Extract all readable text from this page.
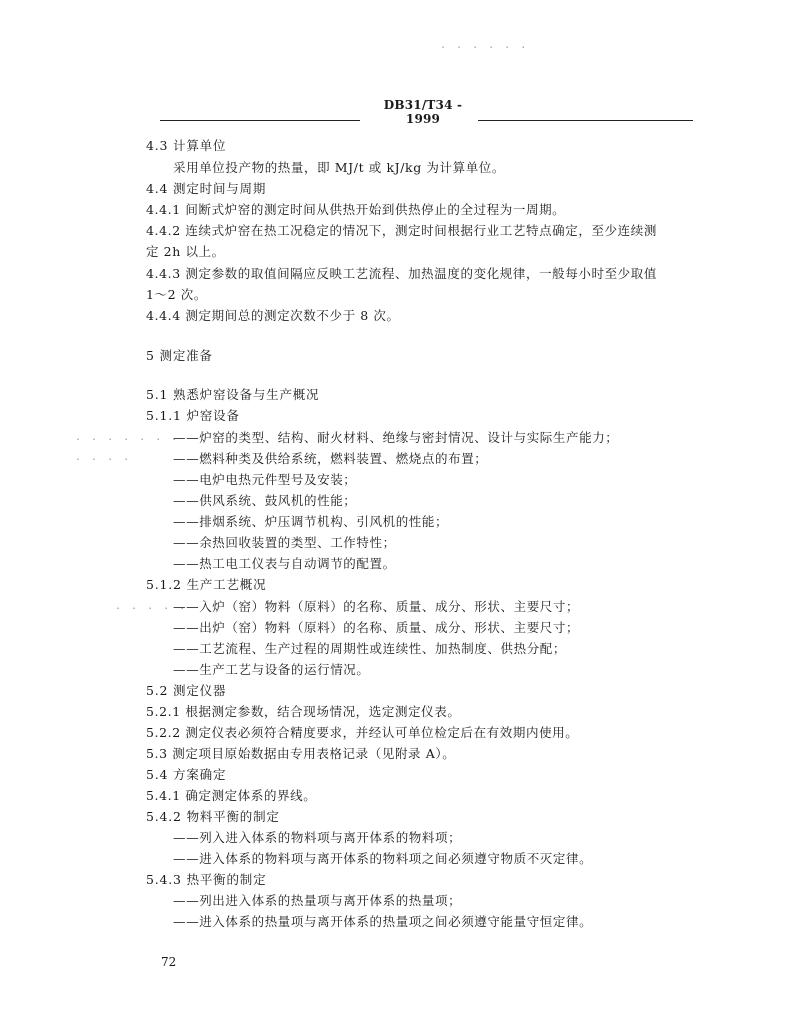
DB31/T34 - 1999
. . . . . .
4.3 计算单位
采用单位投产物的热量，即 MJ/t 或 kJ/kg 为计算单位。
4.4 测定时间与周期
4.4.1 间断式炉窑的测定时间从供热开始到供热停止的全过程为一周期。
4.4.2 连续式炉窑在热工况稳定的情况下，测定时间根据行业工艺特点确定，至少连续测
定 2h 以上。
4.4.3 测定参数的取值间隔应反映工艺流程、加热温度的变化规律，一般每小时至少取值
1～2 次。
4.4.4 测定期间总的测定次数不少于 8 次。
5 测定准备
5.1 熟悉炉窑设备与生产概况
5.1.1 炉窑设备
. . . . . . .
. . . .
——炉窑的类型、结构、耐火材料、绝缘与密封情况、设计与实际生产能力；
——燃料种类及供给系统，燃料装置、燃烧点的布置；
——电炉电热元件型号及安装；
——供风系统、鼓风机的性能；
——排烟系统、炉压调节机构、引风机的性能；
——余热回收装置的类型、工作特性；
——热工电工仪表与自动调节的配置。
5.1.2 生产工艺概况
. . . . .
——入炉（窑）物料（原料）的名称、质量、成分、形状、主要尺寸；
——出炉（窑）物料（原料）的名称、质量、成分、形状、主要尺寸；
——工艺流程、生产过程的周期性或连续性、加热制度、供热分配；
——生产工艺与设备的运行情况。
5.2 测定仪器
5.2.1 根据测定参数，结合现场情况，选定测定仪表。
5.2.2 测定仪表必须符合精度要求，并经认可单位检定后在有效期内使用。
5.3 测定项目原始数据由专用表格记录（见附录 A）。
5.4 方案确定
5.4.1 确定测定体系的界线。
5.4.2 物料平衡的制定
——列入进入体系的物料项与离开体系的物料项；
——进入体系的物料项与离开体系的物料项之间必须遵守物质不灭定律。
5.4.3 热平衡的制定
——列出进入体系的热量项与离开体系的热量项；
——进入体系的热量项与离开体系的热量项之间必须遵守能量守恒定律。
72
